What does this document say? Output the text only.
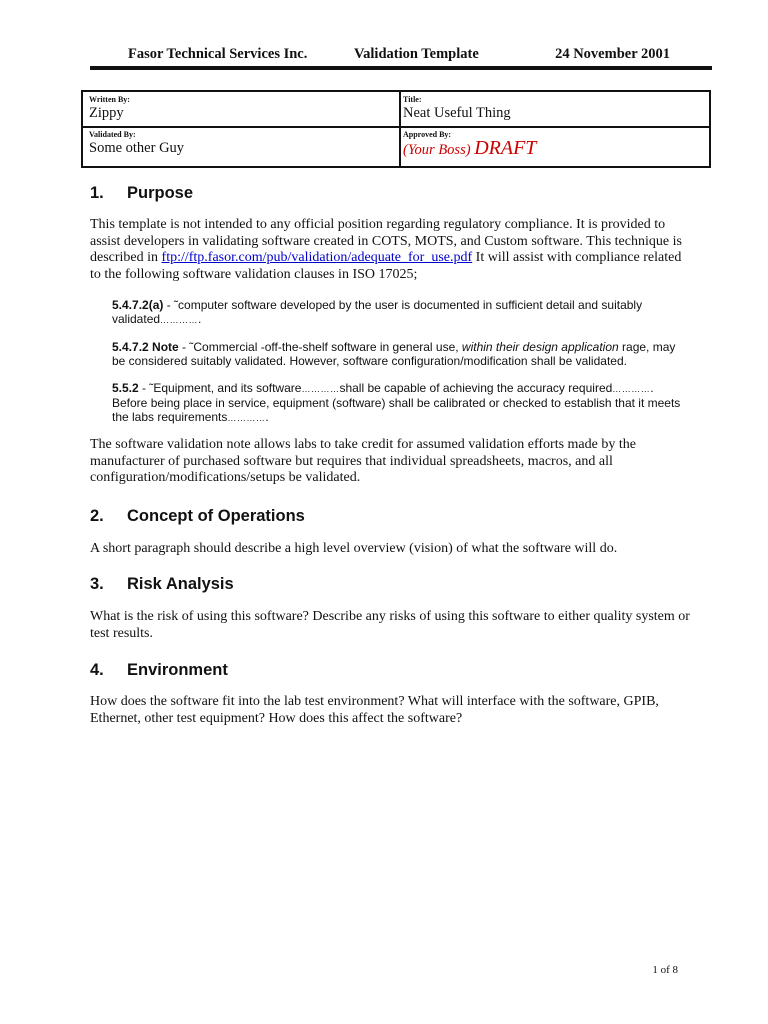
Fasor Technical Services Inc.	Validation Template	24 November 2001
Written By:
Zippy
Title:
Neat Useful Thing
Validated By:
Some other Guy
Approved By:
(Your Boss) DRAFT
1. Purpose

This template is not intended to any official position regarding regulatory compliance. It is provided to assist developers in validating software created in COTS, MOTS, and Custom software. This technique is described in ftp://ftp.fasor.com/pub/validation/adequate_for_use.pdf It will assist with compliance related to the following software validation clauses in ISO 17025;

5.4.7.2(a) - ˜computer software developed by the user is documented in sufficient detail and suitably validated………….

5.4.7.2 Note - ˜Commercial -off-the-shelf software in general use, within their design application rage, may be considered suitably validated. However, software configuration/modification shall be validated.

5.5.2 - ˜Equipment, and its software…………shall be capable of achieving the accuracy required…………. Before being place in service, equipment (software) shall be calibrated or checked to establish that it meets the labs requirements………….

The software validation note allows labs to take credit for assumed validation efforts made by the manufacturer of purchased software but requires that individual spreadsheets, macros, and all configuration/modifications/setups be validated.

2. Concept of Operations

A short paragraph should describe a high level overview (vision) of what the software will do.

3. Risk Analysis

What is the risk of using this software? Describe any risks of using this software to either quality system or test results.

4. Environment

How does the software fit into the lab test environment? What will interface with the software, GPIB, Ethernet, other test equipment? How does this affect the software?

1 of 8
